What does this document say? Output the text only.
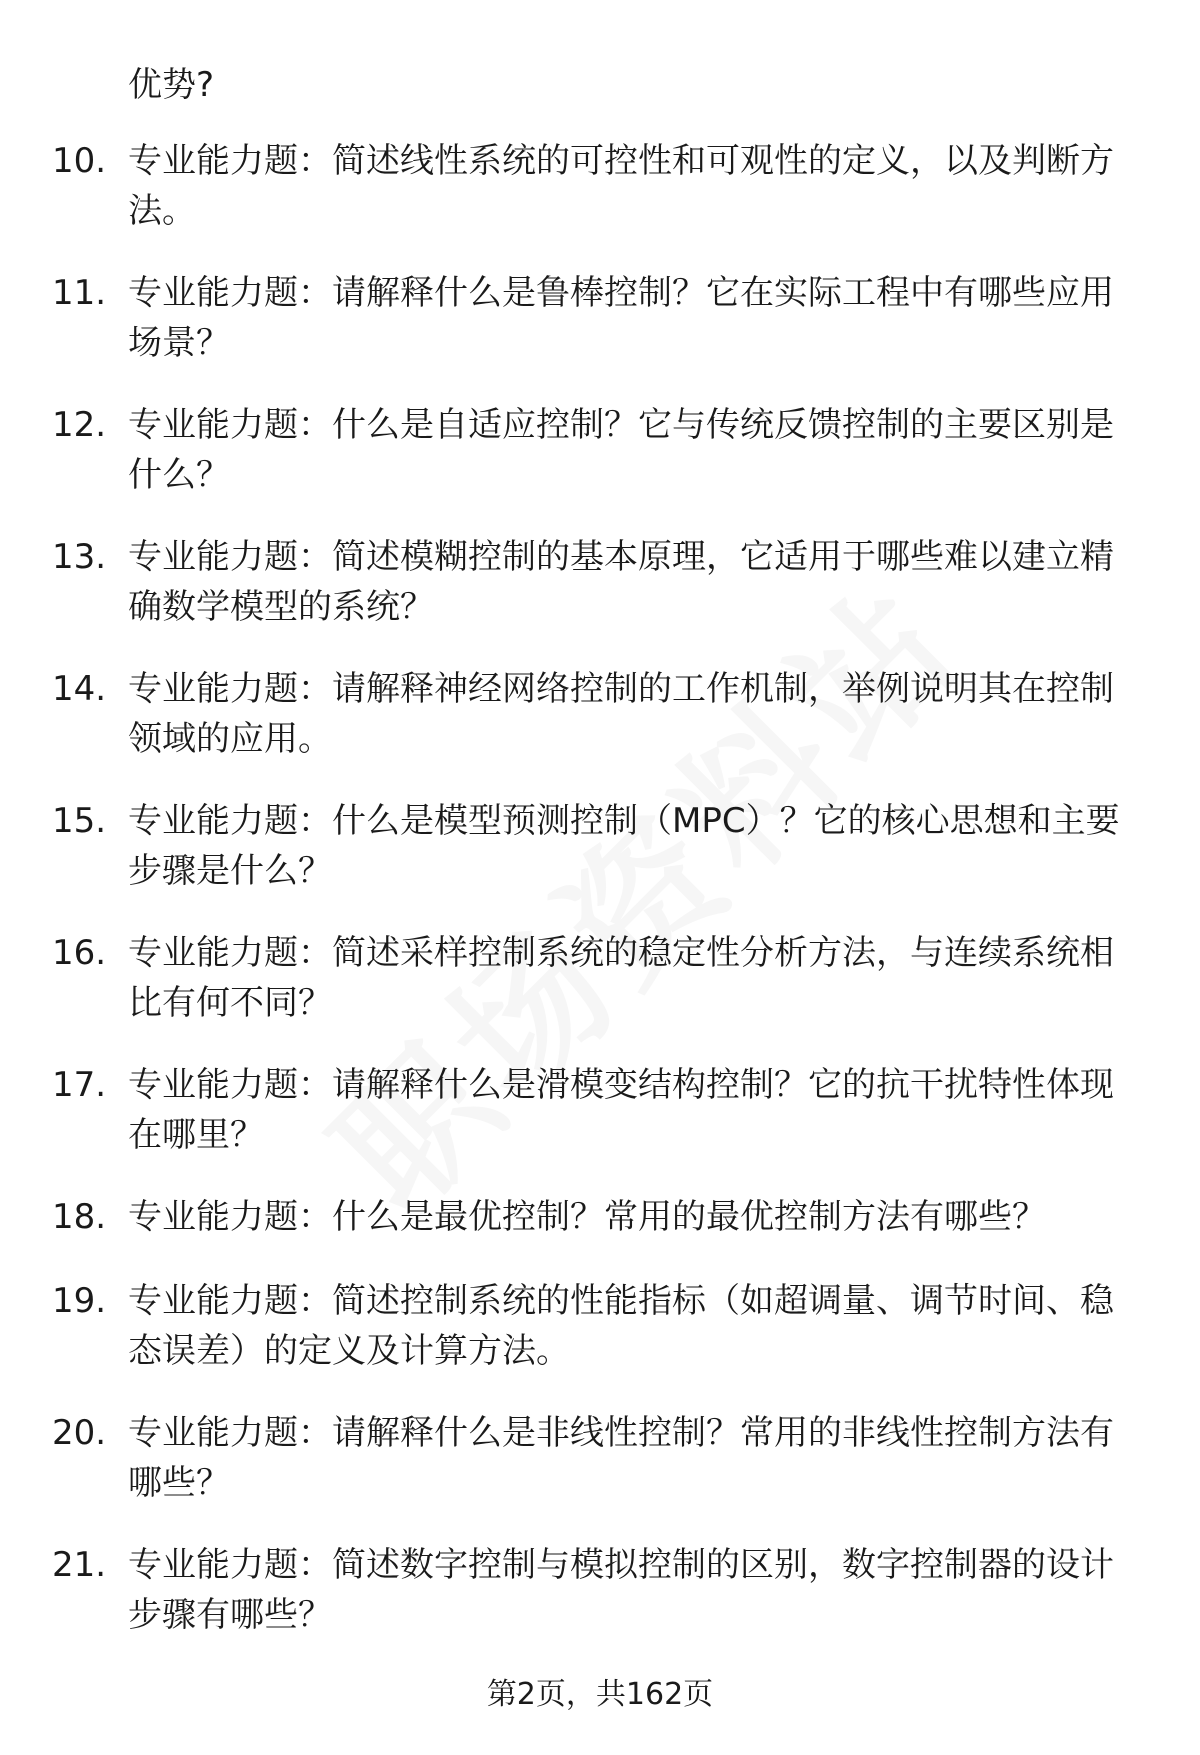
优势?
10. 专业能力题：简述线性系统的可控性和可观性的定义，以及判断方法。
11. 专业能力题：请解释什么是鲁棒控制？它在实际工程中有哪些应用场景？
12. 专业能力题：什么是自适应控制？它与传统反馈控制的主要区别是什么？
13. 专业能力题：简述模糊控制的基本原理，它适用于哪些难以建立精确数学模型的系统？
14. 专业能力题：请解释神经网络控制的工作机制，举例说明其在控制领域的应用。
15. 专业能力题：什么是模型预测控制（MPC）？它的核心思想和主要步骤是什么？
16. 专业能力题：简述采样控制系统的稳定性分析方法，与连续系统相比有何不同？
17. 专业能力题：请解释什么是滑模变结构控制？它的抗干扰特性体现在哪里？
18. 专业能力题：什么是最优控制？常用的最优控制方法有哪些？
19. 专业能力题：简述控制系统的性能指标（如超调量、调节时间、稳态误差）的定义及计算方法。
20. 专业能力题：请解释什么是非线性控制？常用的非线性控制方法有哪些？
21. 专业能力题：简述数字控制与模拟控制的区别，数字控制器的设计步骤有哪些？
第2页，共162页
